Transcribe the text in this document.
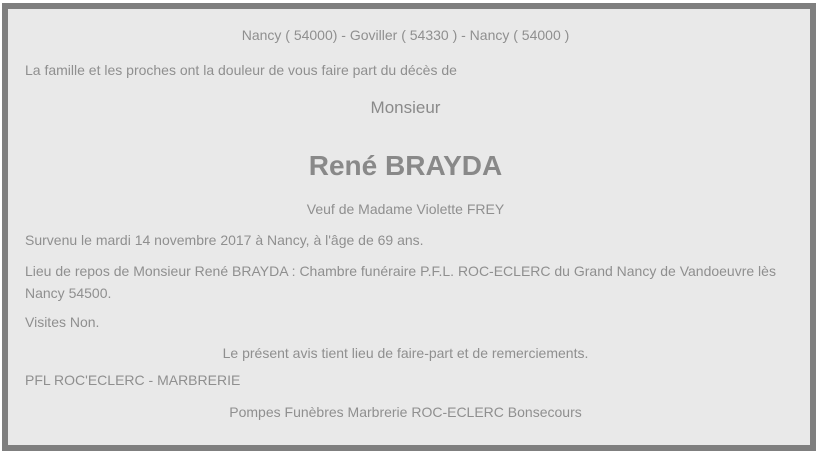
Nancy ( 54000) - Goviller ( 54330 ) - Nancy ( 54000 )

La famille et les proches ont la douleur de vous faire part du décès de

Monsieur

René BRAYDA

Veuf de Madame Violette FREY

Survenu le mardi 14 novembre 2017 à Nancy, à l'âge de 69 ans.

Lieu de repos de Monsieur René BRAYDA : Chambre funéraire P.F.L. ROC-ECLERC du Grand Nancy de Vandoeuvre lès Nancy 54500.

Visites Non.

Le présent avis tient lieu de faire-part et de remerciements.

PFL ROC'ECLERC - MARBRERIE

Pompes Funèbres Marbrerie ROC-ECLERC Bonsecours
